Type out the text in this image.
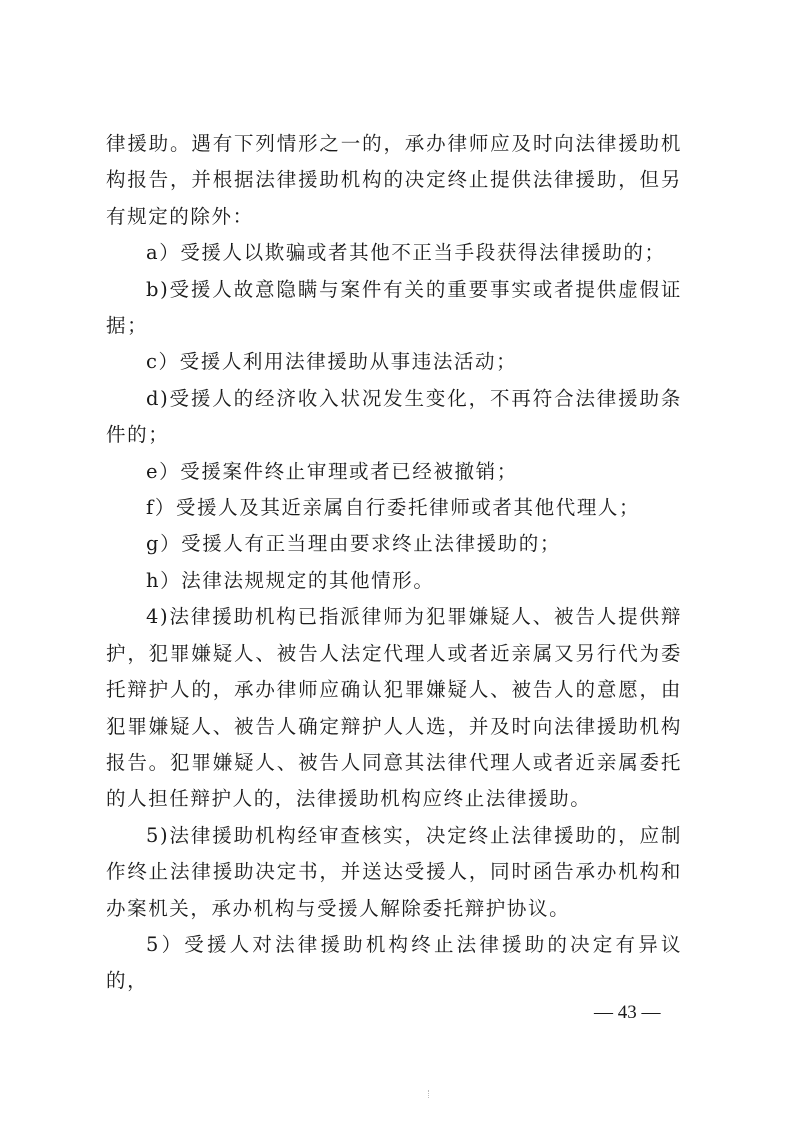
律援助。遇有下列情形之一的，承办律师应及时向法律援助机构报告，并根据法律援助机构的决定终止提供法律援助，但另有规定的除外：

a）受援人以欺骗或者其他不正当手段获得法律援助的；

b)受援人故意隐瞒与案件有关的重要事实或者提供虚假证据；

c）受援人利用法律援助从事违法活动；

d)受援人的经济收入状况发生变化，不再符合法律援助条件的；

e）受援案件终止审理或者已经被撤销；

f）受援人及其近亲属自行委托律师或者其他代理人；

g）受援人有正当理由要求终止法律援助的；

h）法律法规规定的其他情形。

4)法律援助机构已指派律师为犯罪嫌疑人、被告人提供辩护，犯罪嫌疑人、被告人法定代理人或者近亲属又另行代为委托辩护人的，承办律师应确认犯罪嫌疑人、被告人的意愿，由犯罪嫌疑人、被告人确定辩护人人选，并及时向法律援助机构报告。犯罪嫌疑人、被告人同意其法律代理人或者近亲属委托的人担任辩护人的，法律援助机构应终止法律援助。

5)法律援助机构经审查核实，决定终止法律援助的，应制作终止法律援助决定书，并送达受援人，同时函告承办机构和办案机关，承办机构与受援人解除委托辩护协议。

5）受援人对法律援助机构终止法律援助的决定有异议的，

— 43 —
